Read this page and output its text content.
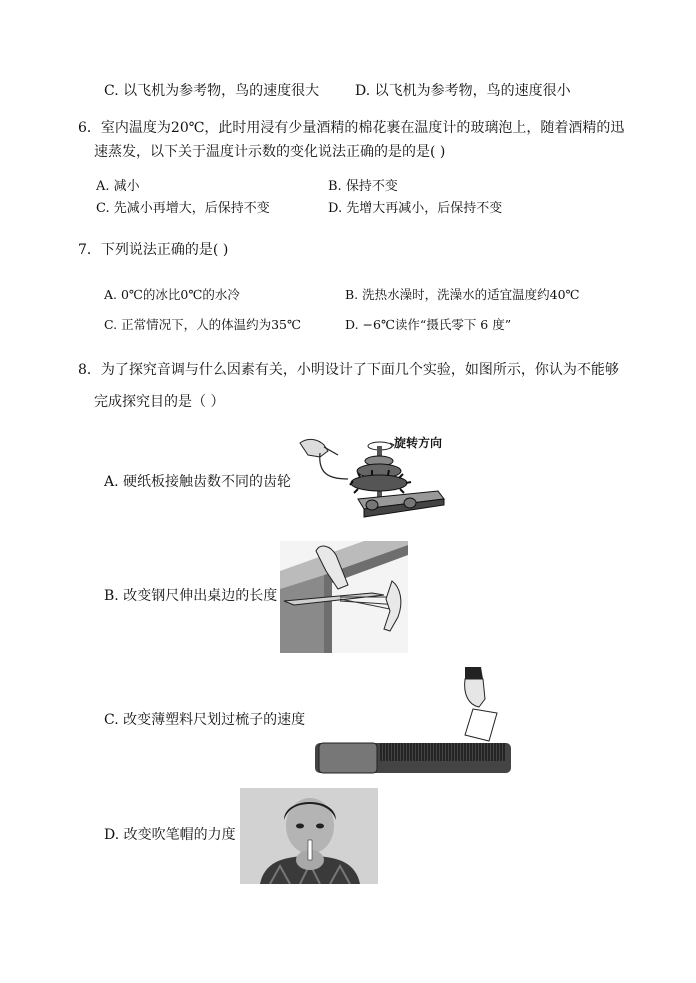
C. 以飞机为参考物，鸟的速度很大	D. 以飞机为参考物，鸟的速度很小
6．室内温度为20℃，此时用浸有少量酒精的棉花裹在温度计的玻璃泡上，随着酒精的迅
速蒸发，以下关于温度计示数的变化说法正确的是的是( )
A. 减小	B. 保持不变
C. 先减小再增大，后保持不变	D. 先增大再减小，后保持不变
7．下列说法正确的是( )
A. 0℃的冰比0℃的水冷	B. 洗热水澡时，洗澡水的适宜温度约40℃
C. 正常情况下，人的体温约为35℃	D. −6℃读作“摄氏零下 6 度”
8．为了探究音调与什么因素有关，小明设计了下面几个实验，如图所示，你认为不能够
完成探究目的是（ ）
A. 硬纸板接触齿数不同的齿轮
B. 改变钢尺伸出桌边的长度
C. 改变薄塑料尺划过梳子的速度
D. 改变吹笔帽的力度
旋转方向
